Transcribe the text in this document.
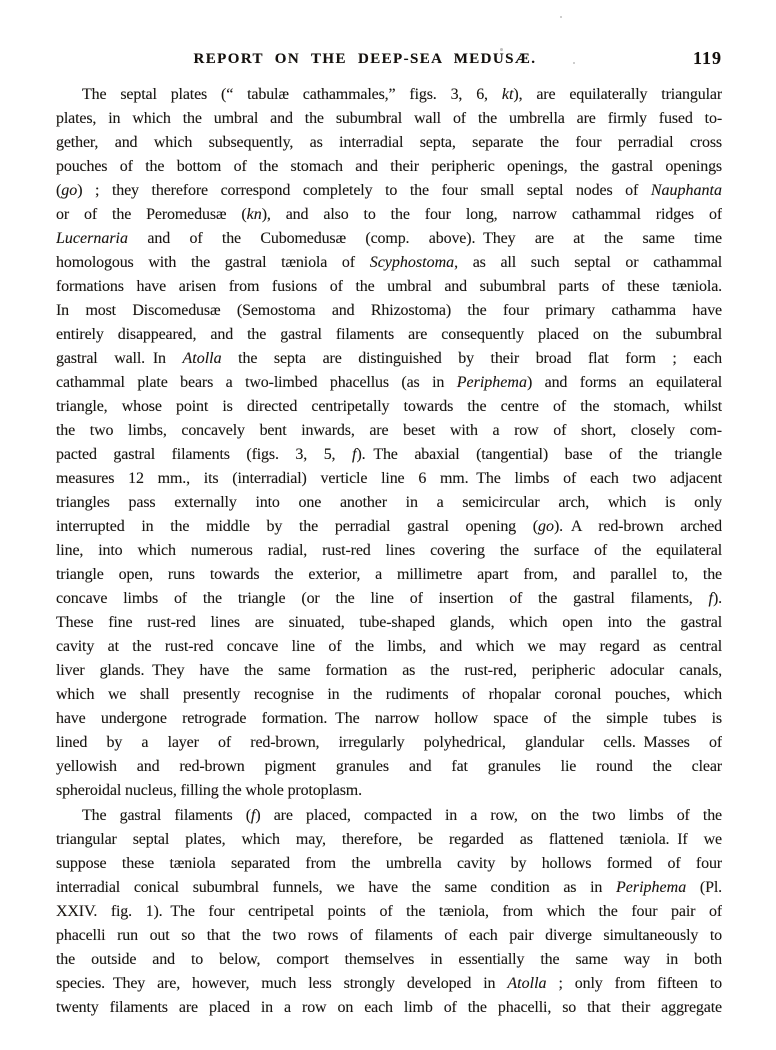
REPORT ON THE DEEP-SEA MEDUSÆ.	119
The septal plates (“ tabulæ cathammales,” figs. 3, 6, kt), are equilaterally triangular
plates, in which the umbral and the subumbral wall of the umbrella are firmly fused to-
gether, and which subsequently, as interradial septa, separate the four perradial cross
pouches of the bottom of the stomach and their peripheric openings, the gastral openings
(go) ; they therefore correspond completely to the four small septal nodes of Nauphanta
or of the Peromedusæ (kn), and also to the four long, narrow cathammal ridges of
Lucernaria and of the Cubomedusæ (comp. above). They are at the same time
homologous with the gastral tæniola of Scyphostoma, as all such septal or cathammal
formations have arisen from fusions of the umbral and subumbral parts of these tæniola.
In most Discomedusæ (Semostoma and Rhizostoma) the four primary cathamma have
entirely disappeared, and the gastral filaments are consequently placed on the subumbral
gastral wall. In Atolla the septa are distinguished by their broad flat form ; each
cathammal plate bears a two-limbed phacellus (as in Periphema) and forms an equilateral
triangle, whose point is directed centripetally towards the centre of the stomach, whilst
the two limbs, concavely bent inwards, are beset with a row of short, closely com-
pacted gastral filaments (figs. 3, 5, f). The abaxial (tangential) base of the triangle
measures 12 mm., its (interradial) verticle line 6 mm. The limbs of each two adjacent
triangles pass externally into one another in a semicircular arch, which is only
interrupted in the middle by the perradial gastral opening (go). A red-brown arched
line, into which numerous radial, rust-red lines covering the surface of the equilateral
triangle open, runs towards the exterior, a millimetre apart from, and parallel to, the
concave limbs of the triangle (or the line of insertion of the gastral filaments, f).
These fine rust-red lines are sinuated, tube-shaped glands, which open into the gastral
cavity at the rust-red concave line of the limbs, and which we may regard as central
liver glands. They have the same formation as the rust-red, peripheric adocular canals,
which we shall presently recognise in the rudiments of rhopalar coronal pouches, which
have undergone retrograde formation. The narrow hollow space of the simple tubes is
lined by a layer of red-brown, irregularly polyhedrical, glandular cells. Masses of
yellowish and red-brown pigment granules and fat granules lie round the clear
spheroidal nucleus, filling the whole protoplasm.
The gastral filaments (f) are placed, compacted in a row, on the two limbs of the
triangular septal plates, which may, therefore, be regarded as flattened tæniola. If we
suppose these tæniola separated from the umbrella cavity by hollows formed of four
interradial conical subumbral funnels, we have the same condition as in Periphema (Pl.
XXIV. fig. 1). The four centripetal points of the tæniola, from which the four pair of
phacelli run out so that the two rows of filaments of each pair diverge simultaneously to
the outside and to below, comport themselves in essentially the same way in both
species. They are, however, much less strongly developed in Atolla ; only from fifteen to
twenty filaments are placed in a row on each limb of the phacelli, so that their aggregate
